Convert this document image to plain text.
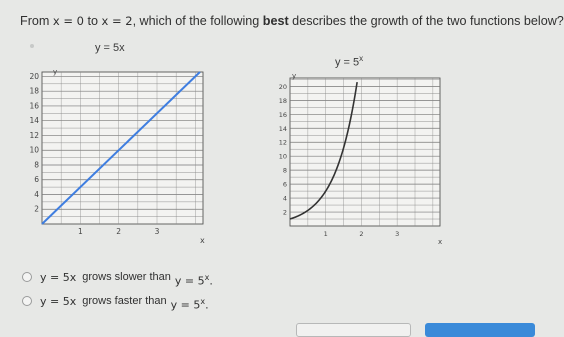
From x = 0 to x = 2, which of the following best describes the growth of the two functions below?
y = 5x
$y = 5^x$
20
18
16
14
12
10
8
6
4
2
1	2	3
y
x
20
18
16
14
12
10
8
6
4
2
1	2	3
y
x
y = 5x grows slower than $y = 5^x$.
y = 5x grows faster than $y = 5^x$.
